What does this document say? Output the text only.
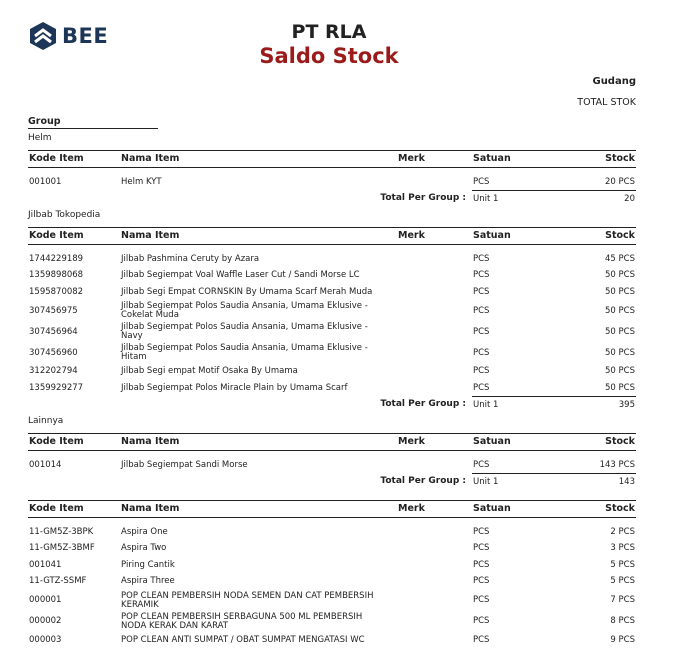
BEE	PT RLA
Saldo Stock
Gudang
TOTAL STOK
Group
Helm
Kode Item	Nama Item	Merk	Satuan	Stock

001001	Helm KYT		PCS	20 PCS
	Total Per Group :		Unit 1	20
Jilbab Tokopedia
Kode Item	Nama Item	Merk	Satuan	Stock

1744229189	Jilbab Pashmina Ceruty by Azara		PCS	45 PCS
1359898068	Jilbab Segiempat Voal Waffle Laser Cut / Sandi Morse LC		PCS	50 PCS
1595870082	Jilbab Segi Empat CORNSKIN By Umama Scarf Merah Muda		PCS	50 PCS
307456975	Jilbab Segiempat Polos Saudia Ansania, Umama Eklusive - Cokelat Muda		PCS	50 PCS
307456964	Jilbab Segiempat Polos Saudia Ansania, Umama Eklusive - Navy		PCS	50 PCS
307456960	Jilbab Segiempat Polos Saudia Ansania, Umama Eklusive - Hitam		PCS	50 PCS
312202794	Jilbab Segi empat Motif Osaka By Umama		PCS	50 PCS
1359929277	Jilbab Segiempat Polos Miracle Plain by Umama Scarf		PCS	50 PCS
	Total Per Group :		Unit 1	395
Lainnya
Kode Item	Nama Item	Merk	Satuan	Stock

001014	Jilbab Segiempat Sandi Morse		PCS	143 PCS
	Total Per Group :		Unit 1	143
Kode Item	Nama Item	Merk	Satuan	Stock

11-GM5Z-3BPK	Aspira One		PCS	2 PCS
11-GM5Z-3BMF	Aspira Two		PCS	3 PCS
001041	Piring Cantik		PCS	5 PCS
11-GTZ-SSMF	Aspira Three		PCS	5 PCS
000001	POP CLEAN PEMBERSIH NODA SEMEN DAN CAT PEMBERSIH KERAMIK		PCS	7 PCS
000002	POP CLEAN PEMBERSIH SERBAGUNA 500 ML PEMBERSIH NODA KERAK DAN KARAT		PCS	8 PCS
000003	POP CLEAN ANTI SUMPAT / OBAT SUMPAT MENGATASI WC		PCS	9 PCS
